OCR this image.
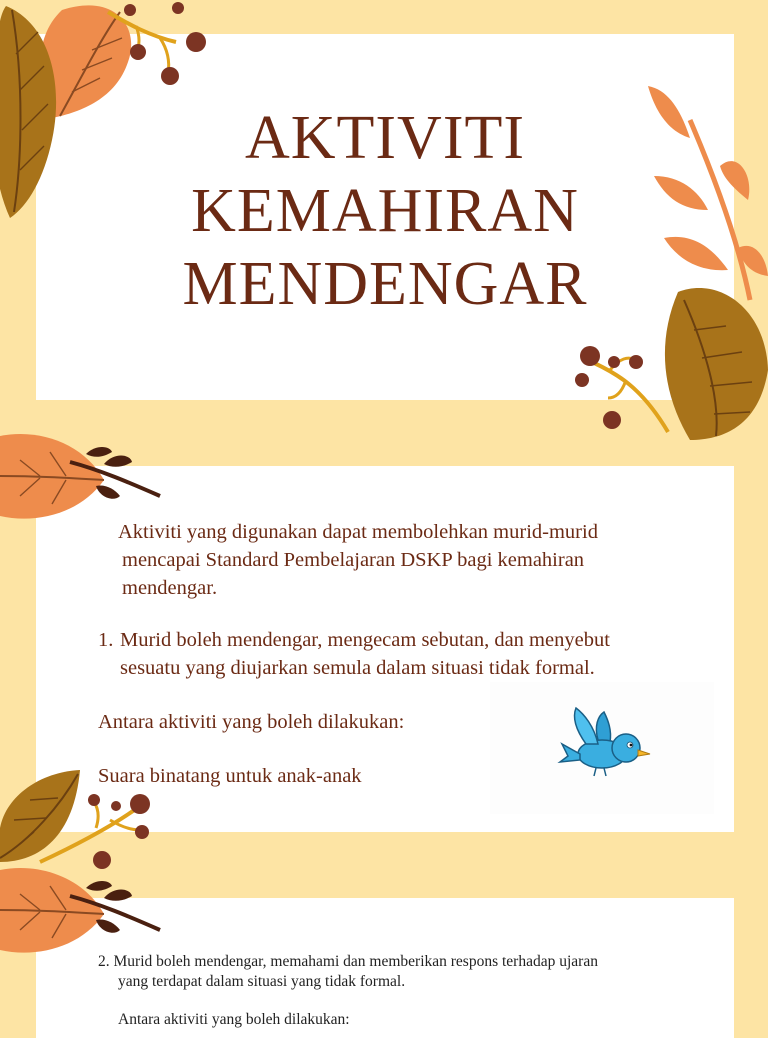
AKTIVITI
KEMAHIRAN
MENDENGAR

Aktiviti yang digunakan dapat membolehkan murid-murid

mencapai Standard Pembelajaran DSKP bagi kemahiran
mendengar.

1. Murid boleh mendengar, mengecam sebutan, dan menyebut
sesuatu yang diujarkan semula dalam situasi tidak formal.

Antara aktiviti yang boleh dilakukan:

Suara binatang untuk anak-anak

2. Murid boleh mendengar, memahami dan memberikan respons terhadap ujaran
yang terdapat dalam situasi yang tidak formal.

Antara aktiviti yang boleh dilakukan:
